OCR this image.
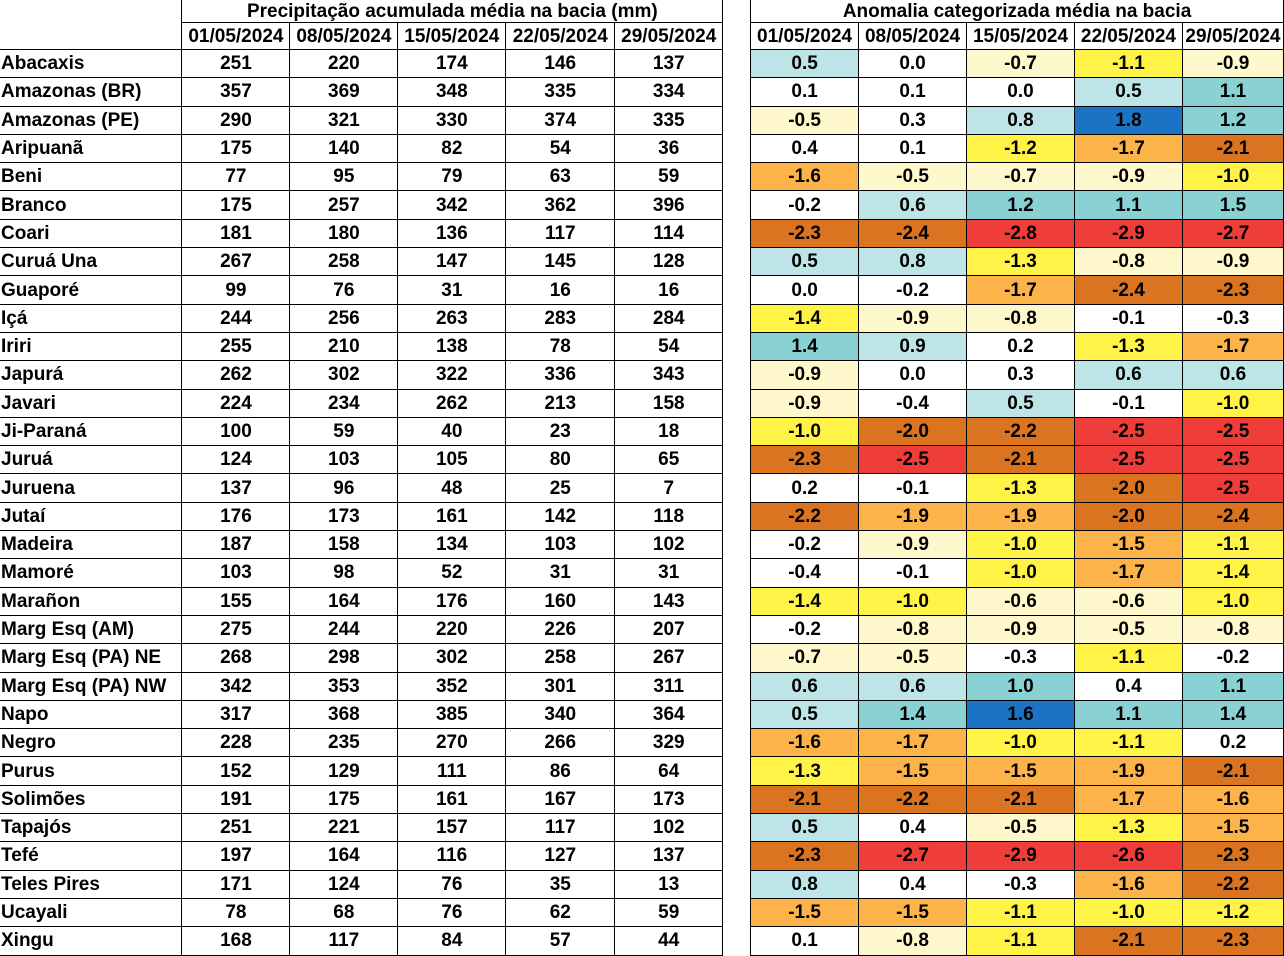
	Precipitação acumulada média na bacia (mm)						Anomalia categorizada média na bacia				
	01/05/2024	08/05/2024	15/05/2024	22/05/2024	29/05/2024		01/05/2024	08/05/2024	15/05/2024	22/05/2024	29/05/2024
Abacaxis	251	220	174	146	137		0.5	0.0	-0.7	-1.1	-0.9
Amazonas (BR)	357	369	348	335	334		0.1	0.1	0.0	0.5	1.1
Amazonas (PE)	290	321	330	374	335		-0.5	0.3	0.8	1.8	1.2
Aripuanã	175	140	82	54	36		0.4	0.1	-1.2	-1.7	-2.1
Beni	77	95	79	63	59		-1.6	-0.5	-0.7	-0.9	-1.0
Branco	175	257	342	362	396		-0.2	0.6	1.2	1.1	1.5
Coari	181	180	136	117	114		-2.3	-2.4	-2.8	-2.9	-2.7
Curuá Una	267	258	147	145	128		0.5	0.8	-1.3	-0.8	-0.9
Guaporé	99	76	31	16	16		0.0	-0.2	-1.7	-2.4	-2.3
Içá	244	256	263	283	284		-1.4	-0.9	-0.8	-0.1	-0.3
Iriri	255	210	138	78	54		1.4	0.9	0.2	-1.3	-1.7
Japurá	262	302	322	336	343		-0.9	0.0	0.3	0.6	0.6
Javari	224	234	262	213	158		-0.9	-0.4	0.5	-0.1	-1.0
Ji-Paraná	100	59	40	23	18		-1.0	-2.0	-2.2	-2.5	-2.5
Juruá	124	103	105	80	65		-2.3	-2.5	-2.1	-2.5	-2.5
Juruena	137	96	48	25	7		0.2	-0.1	-1.3	-2.0	-2.5
Jutaí	176	173	161	142	118		-2.2	-1.9	-1.9	-2.0	-2.4
Madeira	187	158	134	103	102		-0.2	-0.9	-1.0	-1.5	-1.1
Mamoré	103	98	52	31	31		-0.4	-0.1	-1.0	-1.7	-1.4
Marañon	155	164	176	160	143		-1.4	-1.0	-0.6	-0.6	-1.0
Marg Esq (AM)	275	244	220	226	207		-0.2	-0.8	-0.9	-0.5	-0.8
Marg Esq (PA) NE	268	298	302	258	267		-0.7	-0.5	-0.3	-1.1	-0.2
Marg Esq (PA) NW	342	353	352	301	311		0.6	0.6	1.0	0.4	1.1
Napo	317	368	385	340	364		0.5	1.4	1.6	1.1	1.4
Negro	228	235	270	266	329		-1.6	-1.7	-1.0	-1.1	0.2
Purus	152	129	111	86	64		-1.3	-1.5	-1.5	-1.9	-2.1
Solimões	191	175	161	167	173		-2.1	-2.2	-2.1	-1.7	-1.6
Tapajós	251	221	157	117	102		0.5	0.4	-0.5	-1.3	-1.5
Tefé	197	164	116	127	137		-2.3	-2.7	-2.9	-2.6	-2.3
Teles Pires	171	124	76	35	13		0.8	0.4	-0.3	-1.6	-2.2
Ucayali	78	68	76	62	59		-1.5	-1.5	-1.1	-1.0	-1.2
Xingu	168	117	84	57	44		0.1	-0.8	-1.1	-2.1	-2.3
